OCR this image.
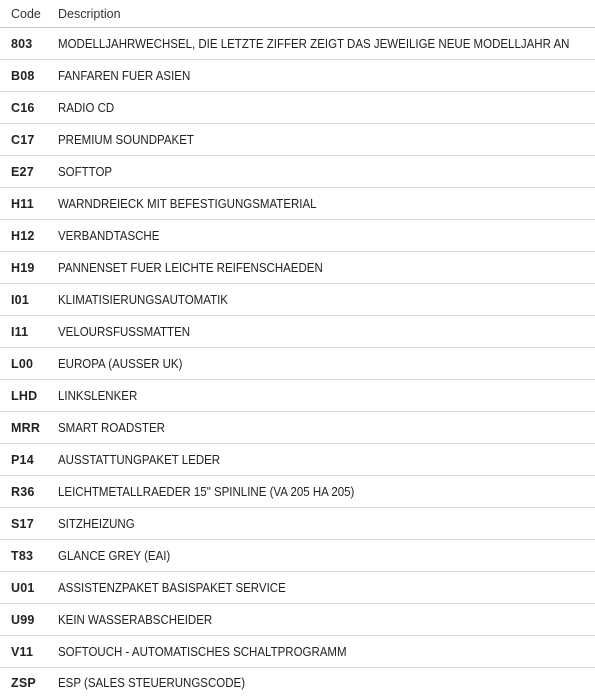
Code	Description
803	MODELLJAHRWECHSEL, DIE LETZTE ZIFFER ZEIGT DAS JEWEILIGE NEUE MODELLJAHR AN
B08	FANFAREN FUER ASIEN
C16	RADIO CD
C17	PREMIUM SOUNDPAKET
E27	SOFTTOP
H11	WARNDREIECK MIT BEFESTIGUNGSMATERIAL
H12	VERBANDTASCHE
H19	PANNENSET FUER LEICHTE REIFENSCHAEDEN
I01	KLIMATISIERUNGSAUTOMATIK
I11	VELOURSFUSSMATTEN
L00	EUROPA (AUSSER UK)
LHD	LINKSLENKER
MRR	SMART ROADSTER
P14	AUSSTATTUNGPAKET LEDER
R36	LEICHTMETALLRAEDER 15" SPINLINE (VA 205 HA 205)
S17	SITZHEIZUNG
T83	GLANCE GREY (EAI)
U01	ASSISTENZPAKET BASISPAKET SERVICE
U99	KEIN WASSERABSCHEIDER
V11	SOFTOUCH - AUTOMATISCHES SCHALTPROGRAMM
ZSP	ESP (SALES STEUERUNGSCODE)
